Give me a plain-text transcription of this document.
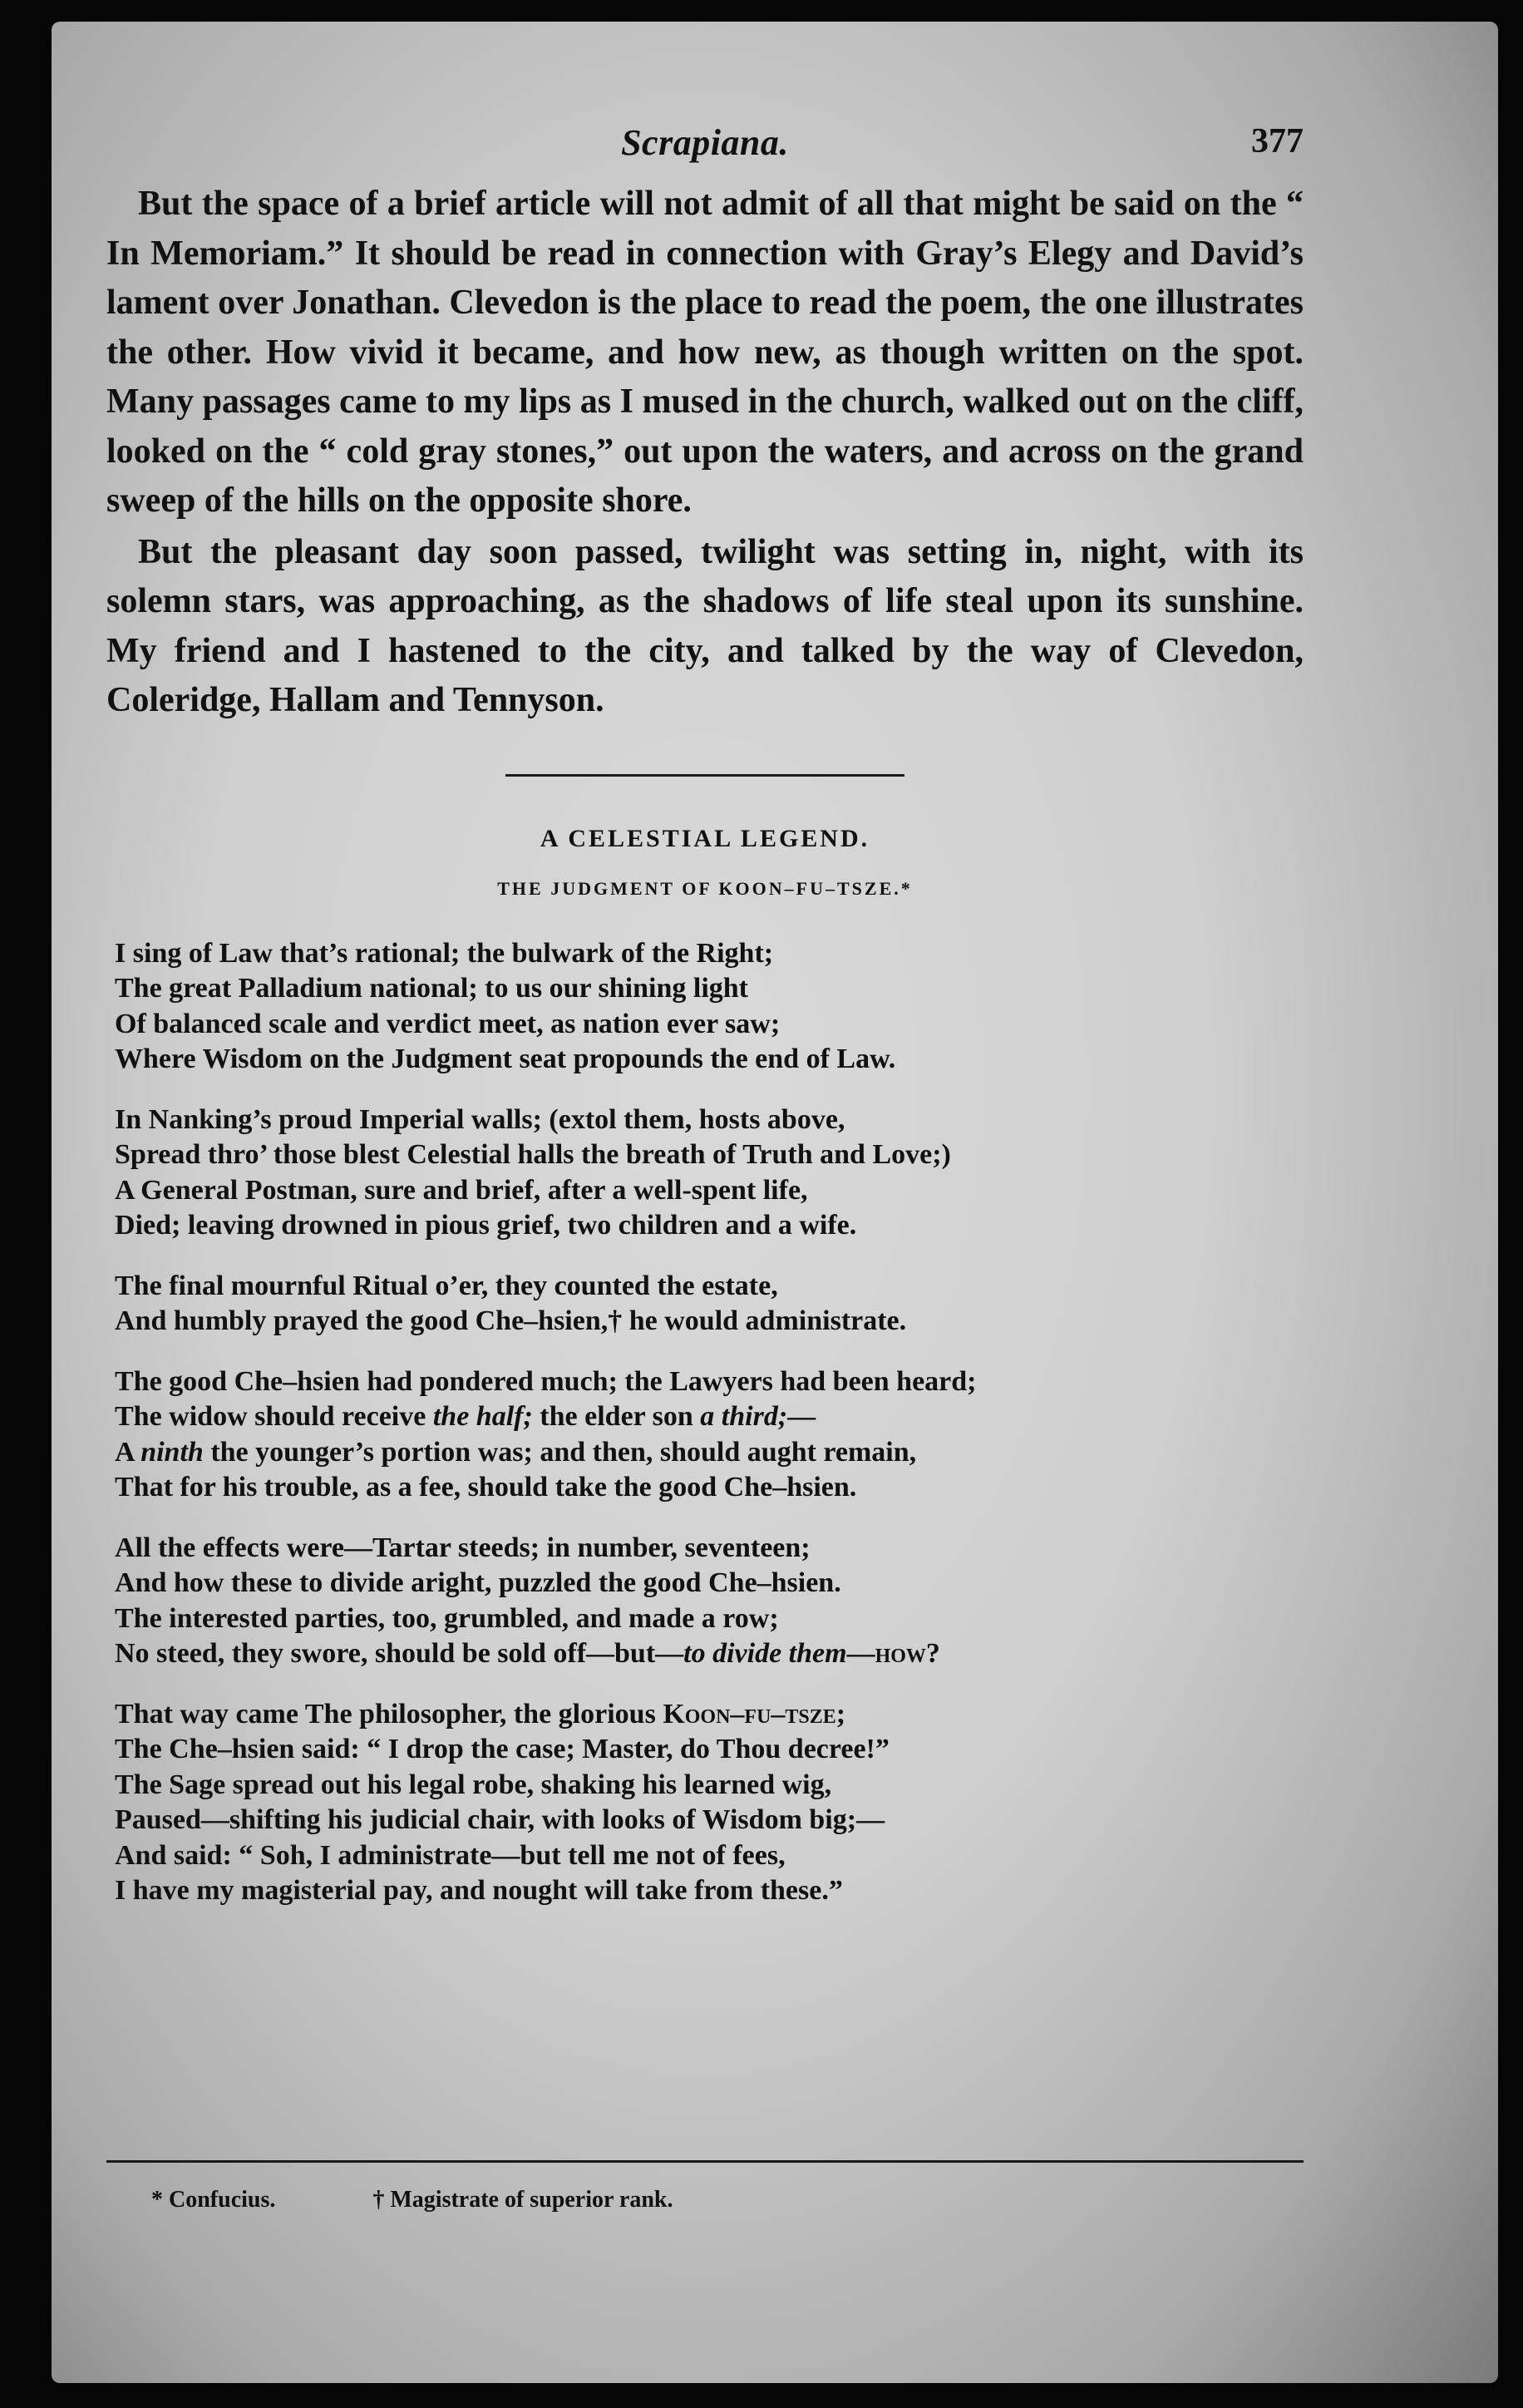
Scrapiana.	377

But the space of a brief article will not admit of all that might be said on the “ In Memoriam.” It should be read in connection with Gray’s Elegy and David’s lament over Jonathan. Clevedon is the place to read the poem, the one illustrates the other. How vivid it became, and how new, as though written on the spot. Many passages came to my lips as I mused in the church, walked out on the cliff, looked on the “ cold gray stones,” out upon the waters, and across on the grand sweep of the hills on the opposite shore.

But the pleasant day soon passed, twilight was setting in, night, with its solemn stars, was approaching, as the shadows of life steal upon its sunshine. My friend and I hastened to the city, and talked by the way of Clevedon, Coleridge, Hallam and Tennyson.

A CELESTIAL LEGEND.
THE JUDGMENT OF KOON–FU–TSZE.*
I sing of Law that’s rational; the bulwark of the Right;
The great Palladium national; to us our shining light
Of balanced scale and verdict meet, as nation ever saw;
Where Wisdom on the Judgment seat propounds the end of Law.
In Nanking’s proud Imperial walls; (extol them, hosts above,
Spread thro’ those blest Celestial halls the breath of Truth and Love;)
A General Postman, sure and brief, after a well-spent life,
Died; leaving drowned in pious grief, two children and a wife.
The final mournful Ritual o’er, they counted the estate,
And humbly prayed the good Che–hsien,† he would administrate.
The good Che–hsien had pondered much; the Lawyers had been heard;
The widow should receive the half; the elder son a third;—
A ninth the younger’s portion was; and then, should aught remain,
That for his trouble, as a fee, should take the good Che–hsien.
All the effects were—Tartar steeds; in number, seventeen;
And how these to divide aright, puzzled the good Che–hsien.
The interested parties, too, grumbled, and made a row;
No steed, they swore, should be sold off—but—to divide them—how?
That way came The philosopher, the glorious Koon–fu–tsze;
The Che–hsien said: “ I drop the case; Master, do Thou decree!”
The Sage spread out his legal robe, shaking his learned wig,
Paused—shifting his judicial chair, with looks of Wisdom big;—
And said: “ Soh, I administrate—but tell me not of fees,
I have my magisterial pay, and nought will take from these.”
* Confucius.	† Magistrate of superior rank.
